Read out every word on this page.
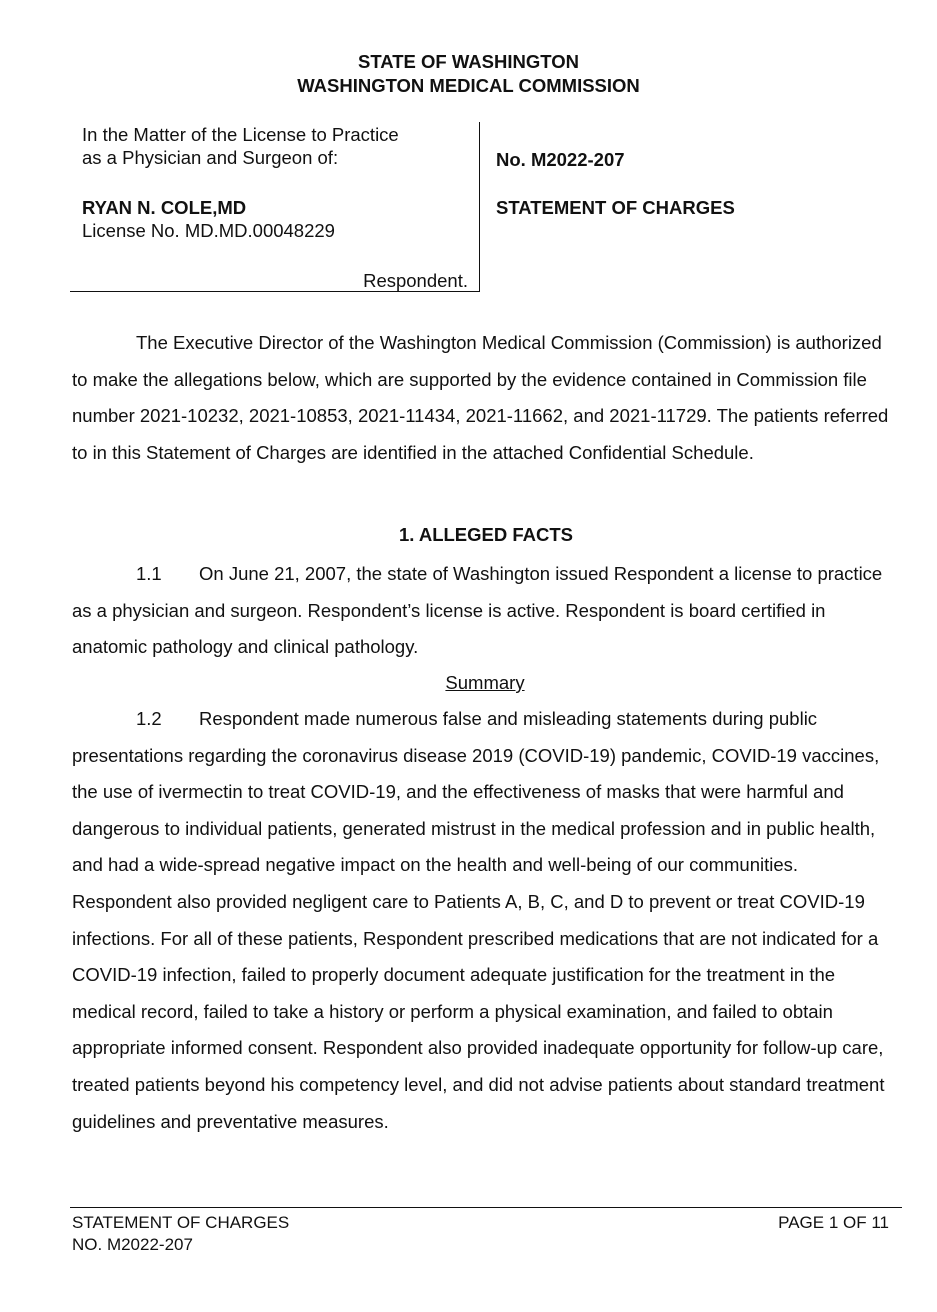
STATE OF WASHINGTON
WASHINGTON MEDICAL COMMISSION
In the Matter of the License to Practice
as a Physician and Surgeon of:
RYAN N. COLE,MD
License No. MD.MD.00048229
Respondent.
No. M2022-207
STATEMENT OF CHARGES

The Executive Director of the Washington Medical Commission (Commission) is authorized to make the allegations below, which are supported by the evidence contained in Commission file number 2021-10232, 2021-10853, 2021-11434, 2021-11662, and 2021-11729. The patients referred to in this Statement of Charges are identified in the attached Confidential Schedule.

1. ALLEGED FACTS

1.1 On June 21, 2007, the state of Washington issued Respondent a license to practice as a physician and surgeon. Respondent’s license is active. Respondent is board certified in anatomic pathology and clinical pathology.

Summary

1.2 Respondent made numerous false and misleading statements during public presentations regarding the coronavirus disease 2019 (COVID-19) pandemic, COVID-19 vaccines, the use of ivermectin to treat COVID-19, and the effectiveness of masks that were harmful and dangerous to individual patients, generated mistrust in the medical profession and in public health, and had a wide-spread negative impact on the health and well-being of our communities. Respondent also provided negligent care to Patients A, B, C, and D to prevent or treat COVID-19 infections. For all of these patients, Respondent prescribed medications that are not indicated for a COVID-19 infection, failed to properly document adequate justification for the treatment in the medical record, failed to take a history or perform a physical examination, and failed to obtain appropriate informed consent. Respondent also provided inadequate opportunity for follow-up care, treated patients beyond his competency level, and did not advise patients about standard treatment guidelines and preventative measures.

STATEMENT OF CHARGES
NO. M2022-207
PAGE 1 OF 11
